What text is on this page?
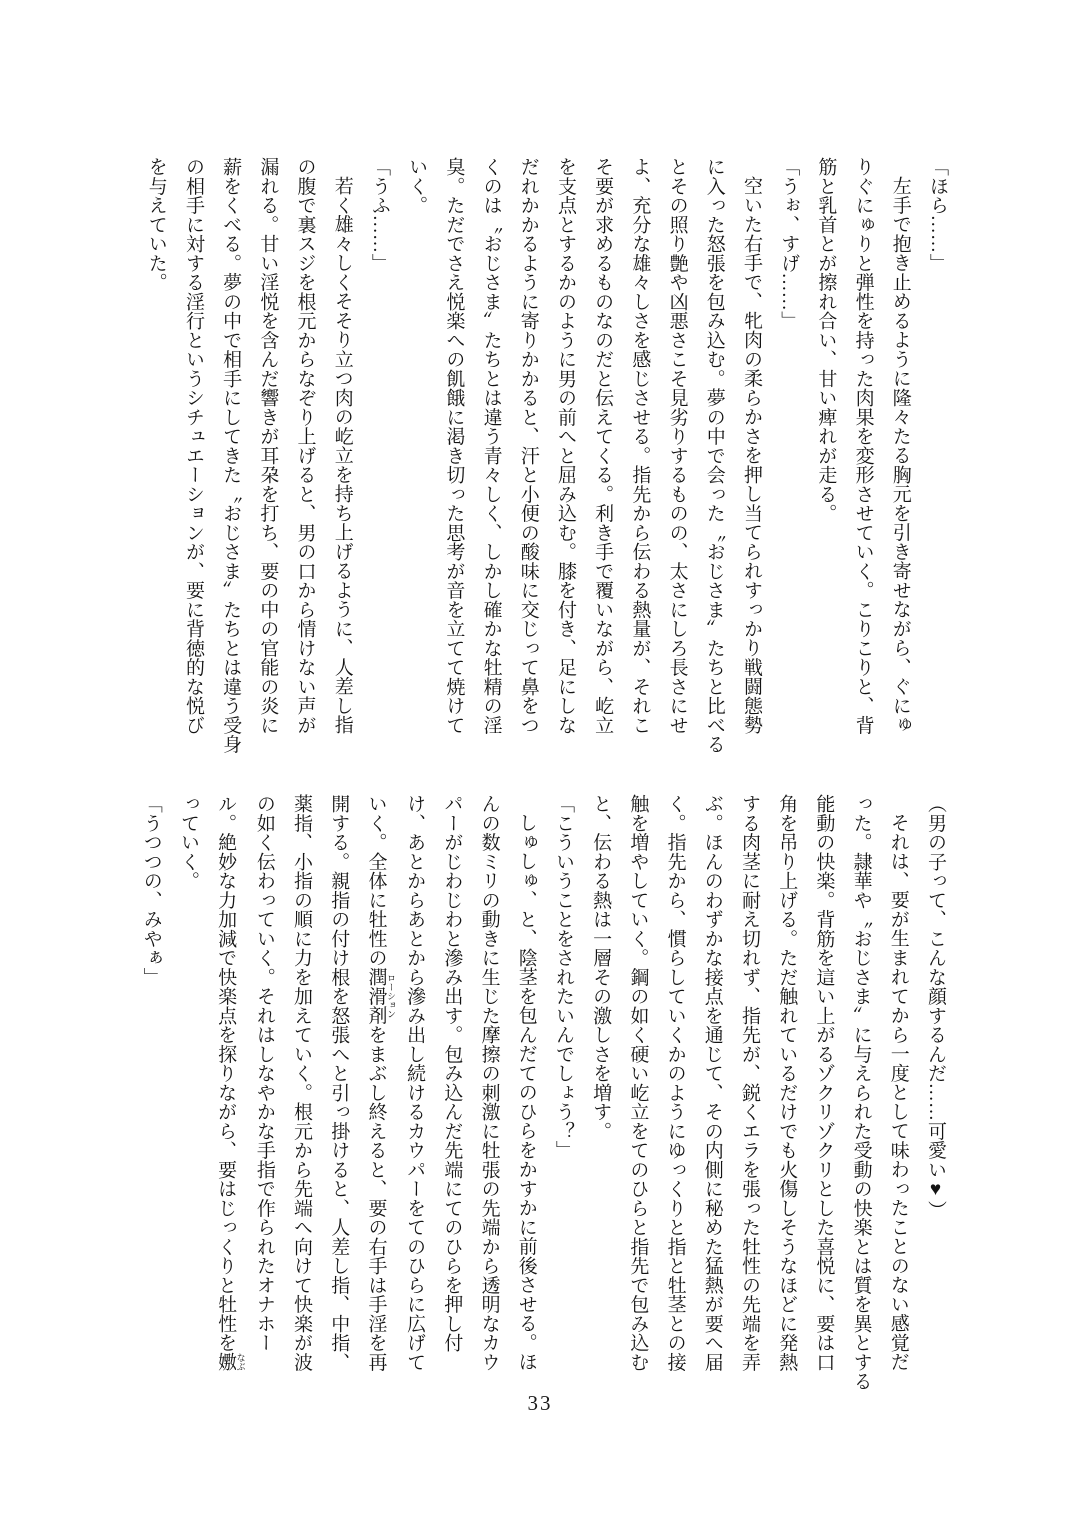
「ほら……」

左手で抱き止めるように隆々たる胸元を引き寄せながら、ぐにゅ

りぐにゅりと弾性を持った肉果を変形させていく。こりこりと、背

筋と乳首とが擦れ合い、甘い痺れが走る。

「うぉ、すげ……」

空いた右手で、牝肉の柔らかさを押し当てられすっかり戦闘態勢

に入った怒張を包み込む。夢の中で会った〝おじさま〟たちと比べる

とその照り艶や凶悪さこそ見劣りするものの、太さにしろ長さにせ

よ、充分な雄々しさを感じさせる。指先から伝わる熱量が、それこ

そ要が求めるものなのだと伝えてくる。利き手で覆いながら、屹立

を支点とするかのように男の前へと屈み込む。膝を付き、足にしな

だれかかるように寄りかかると、汗と小便の酸味に交じって鼻をつ

くのは〝おじさま〟たちとは違う青々しく、しかし確かな牡精の淫

臭。ただでさえ悦楽への飢餓に渇き切った思考が音を立てて焼けて

いく。

「うふ……」

若く雄々しくそそり立つ肉の屹立を持ち上げるように、人差し指

の腹で裏スジを根元からなぞり上げると、男の口から情けない声が

漏れる。甘い淫悦を含んだ響きが耳朶を打ち、要の中の官能の炎に

薪をくべる。夢の中で相手にしてきた〝おじさま〟たちとは違う受身

の相手に対する淫行というシチュエーションが、要に背徳的な悦び

を与えていた。

（男の子って、こんな顔するんだ……可愛い♥）

それは、要が生まれてから一度として味わったことのない感覚だ

った。隷華や〝おじさま〟に与えられた受動の快楽とは質を異とする

能動の快楽。背筋を這い上がるゾクリゾクリとした喜悦に、要は口

角を吊り上げる。ただ触れているだけでも火傷しそうなほどに発熱

する肉茎に耐え切れず、指先が、鋭くエラを張った牡性の先端を弄

ぶ。ほんのわずかな接点を通じて、その内側に秘めた猛熱が要へ届

く。指先から、慣らしていくかのようにゆっくりと指と牡茎との接

触を増やしていく。鋼の如く硬い屹立をてのひらと指先で包み込む

と、伝わる熱は一層その激しさを増す。

「こういうことをされたいんでしょう？」

しゅしゅ、と、陰茎を包んだてのひらをかすかに前後させる。ほ

んの数ミリの動きに生じた摩擦の刺激に牡張の先端から透明なカウ

パーがじわじわと滲み出す。包み込んだ先端にてのひらを押し付

け、あとからあとから滲み出し続けるカウパーをてのひらに広げて

いく。全体に牡性の潤滑剤 ローションをまぶし終えると、要の右手は手淫を再

開する。親指の付け根を怒張へと引っ掛けると、人差し指、中指、

薬指、小指の順に力を加えていく。根元から先端へ向けて快楽が波

の如く伝わっていく。それはしなやかな手指で作られたオナホー

ル。絶妙な力加減で快楽点を探りながら、要はじっくりと牡性を嫐 なぶ

っていく。

「うつつの、みやぁ」

33
